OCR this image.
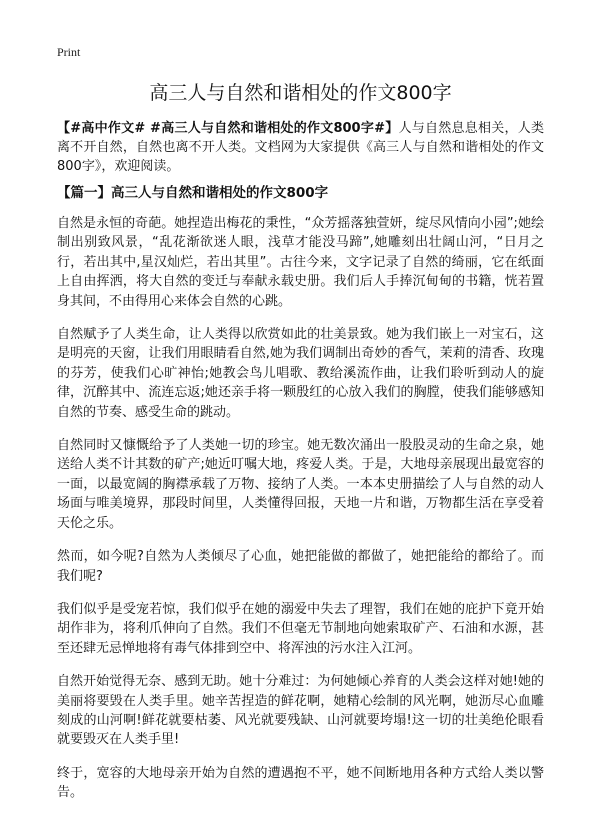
Print

高三人与自然和谐相处的作文800字

【#高中作文# #高三人与自然和谐相处的作文800字#】人与自然息息相关，人类离不开自然，自然也离不开人类。文档网为大家提供《高三人与自然和谐相处的作文800字》，欢迎阅读。

【篇一】高三人与自然和谐相处的作文800字

自然是永恒的奇葩。她捏造出梅花的秉性，“众芳摇落独萱妍，绽尽风情向小园”;她绘制出别致风景，“乱花渐欲迷人眼，浅草才能没马蹄”,她雕刻出壮阔山河，“日月之行，若出其中,星汉灿烂，若出其里”。古往今来，文字记录了自然的绮丽，它在纸面上自由挥洒，将大自然的变迁与奉献永载史册。我们后人手捧沉甸甸的书籍，恍若置身其间，不由得用心来体会自然的心跳。

自然赋予了人类生命，让人类得以欣赏如此的壮美景致。她为我们嵌上一对宝石，这是明亮的天窗，让我们用眼睛看自然,她为我们调制出奇妙的香气，茉莉的清香、玫瑰的芬芳，使我们心旷神怡;她教会鸟儿唱歌、教给溪流作曲，让我们聆听到动人的旋律，沉醉其中、流连忘返;她还亲手将一颗殷红的心放入我们的胸膛，使我们能够感知自然的节奏、感受生命的跳动。

自然同时又慷慨给予了人类她一切的珍宝。她无数次涌出一股股灵动的生命之泉，她送给人类不计其数的矿产;她近叮嘱大地，疼爱人类。于是，大地母亲展现出最宽容的一面，以最宽阔的胸襟承载了万物、接纳了人类。一本本史册描绘了人与自然的动人场面与唯美境界，那段时间里，人类懂得回报，天地一片和谐，万物都生活在享受着天伦之乐。

然而，如今呢?自然为人类倾尽了心血，她把能做的都做了，她把能给的都给了。而我们呢?

我们似乎是受宠若惊，我们似乎在她的溺爱中失去了理智，我们在她的庇护下竟开始胡作非为，将利爪伸向了自然。我们不但毫无节制地向她索取矿产、石油和水源，甚至还肆无忌惮地将有毒气体排到空中、将浑浊的污水注入江河。

自然开始觉得无奈、感到无助。她十分难过：为何她倾心养育的人类会这样对她!她的美丽将要毁在人类手里。她辛苦捏造的鲜花啊，她精心绘制的风光啊，她沥尽心血雕刻成的山河啊!鲜花就要枯萎、风光就要残缺、山河就要垮塌!这一切的壮美绝伦眼看就要毁灭在人类手里!

终于，宽容的大地母亲开始为自然的遭遇抱不平，她不间断地用各种方式给人类以警告。
